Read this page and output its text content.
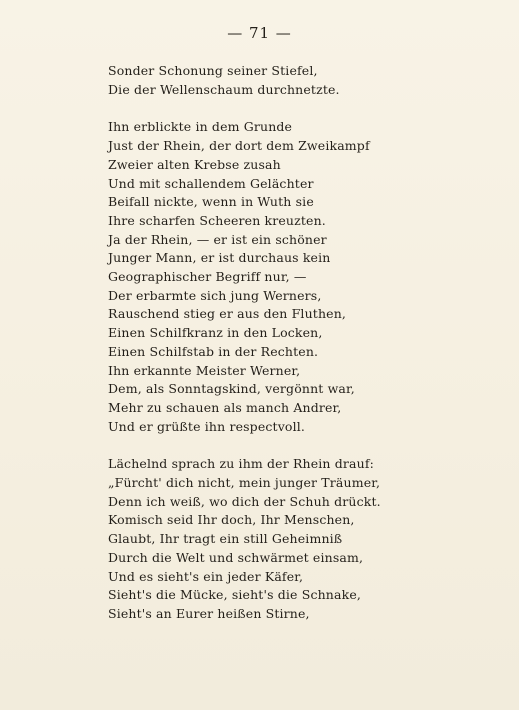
— 71 —
Sonder Schonung seiner Stiefel,
Die der Wellenschaum durchnetzte.
Ihn erblickte in dem Grunde
Just der Rhein, der dort dem Zweikampf
Zweier alten Krebse zusah
Und mit schallendem Gelächter
Beifall nickte, wenn in Wuth sie
Ihre scharfen Scheeren kreuzten.
Ja der Rhein, — er ist ein schöner
Junger Mann, er ist durchaus kein
Geographischer Begriff nur, —
Der erbarmte sich jung Werners,
Rauschend stieg er aus den Fluthen,
Einen Schilfkranz in den Locken,
Einen Schilfstab in der Rechten.
Ihn erkannte Meister Werner,
Dem, als Sonntagskind, vergönnt war,
Mehr zu schauen als manch Andrer,
Und er grüßte ihn respectvoll.
Lächelnd sprach zu ihm der Rhein drauf:
„Fürcht' dich nicht, mein junger Träumer,
Denn ich weiß, wo dich der Schuh drückt.
Komisch seid Ihr doch, Ihr Menschen,
Glaubt, Ihr tragt ein still Geheimniß
Durch die Welt und schwärmet einsam,
Und es sieht's ein jeder Käfer,
Sieht's die Mücke, sieht's die Schnake,
Sieht's an Eurer heißen Stirne,
